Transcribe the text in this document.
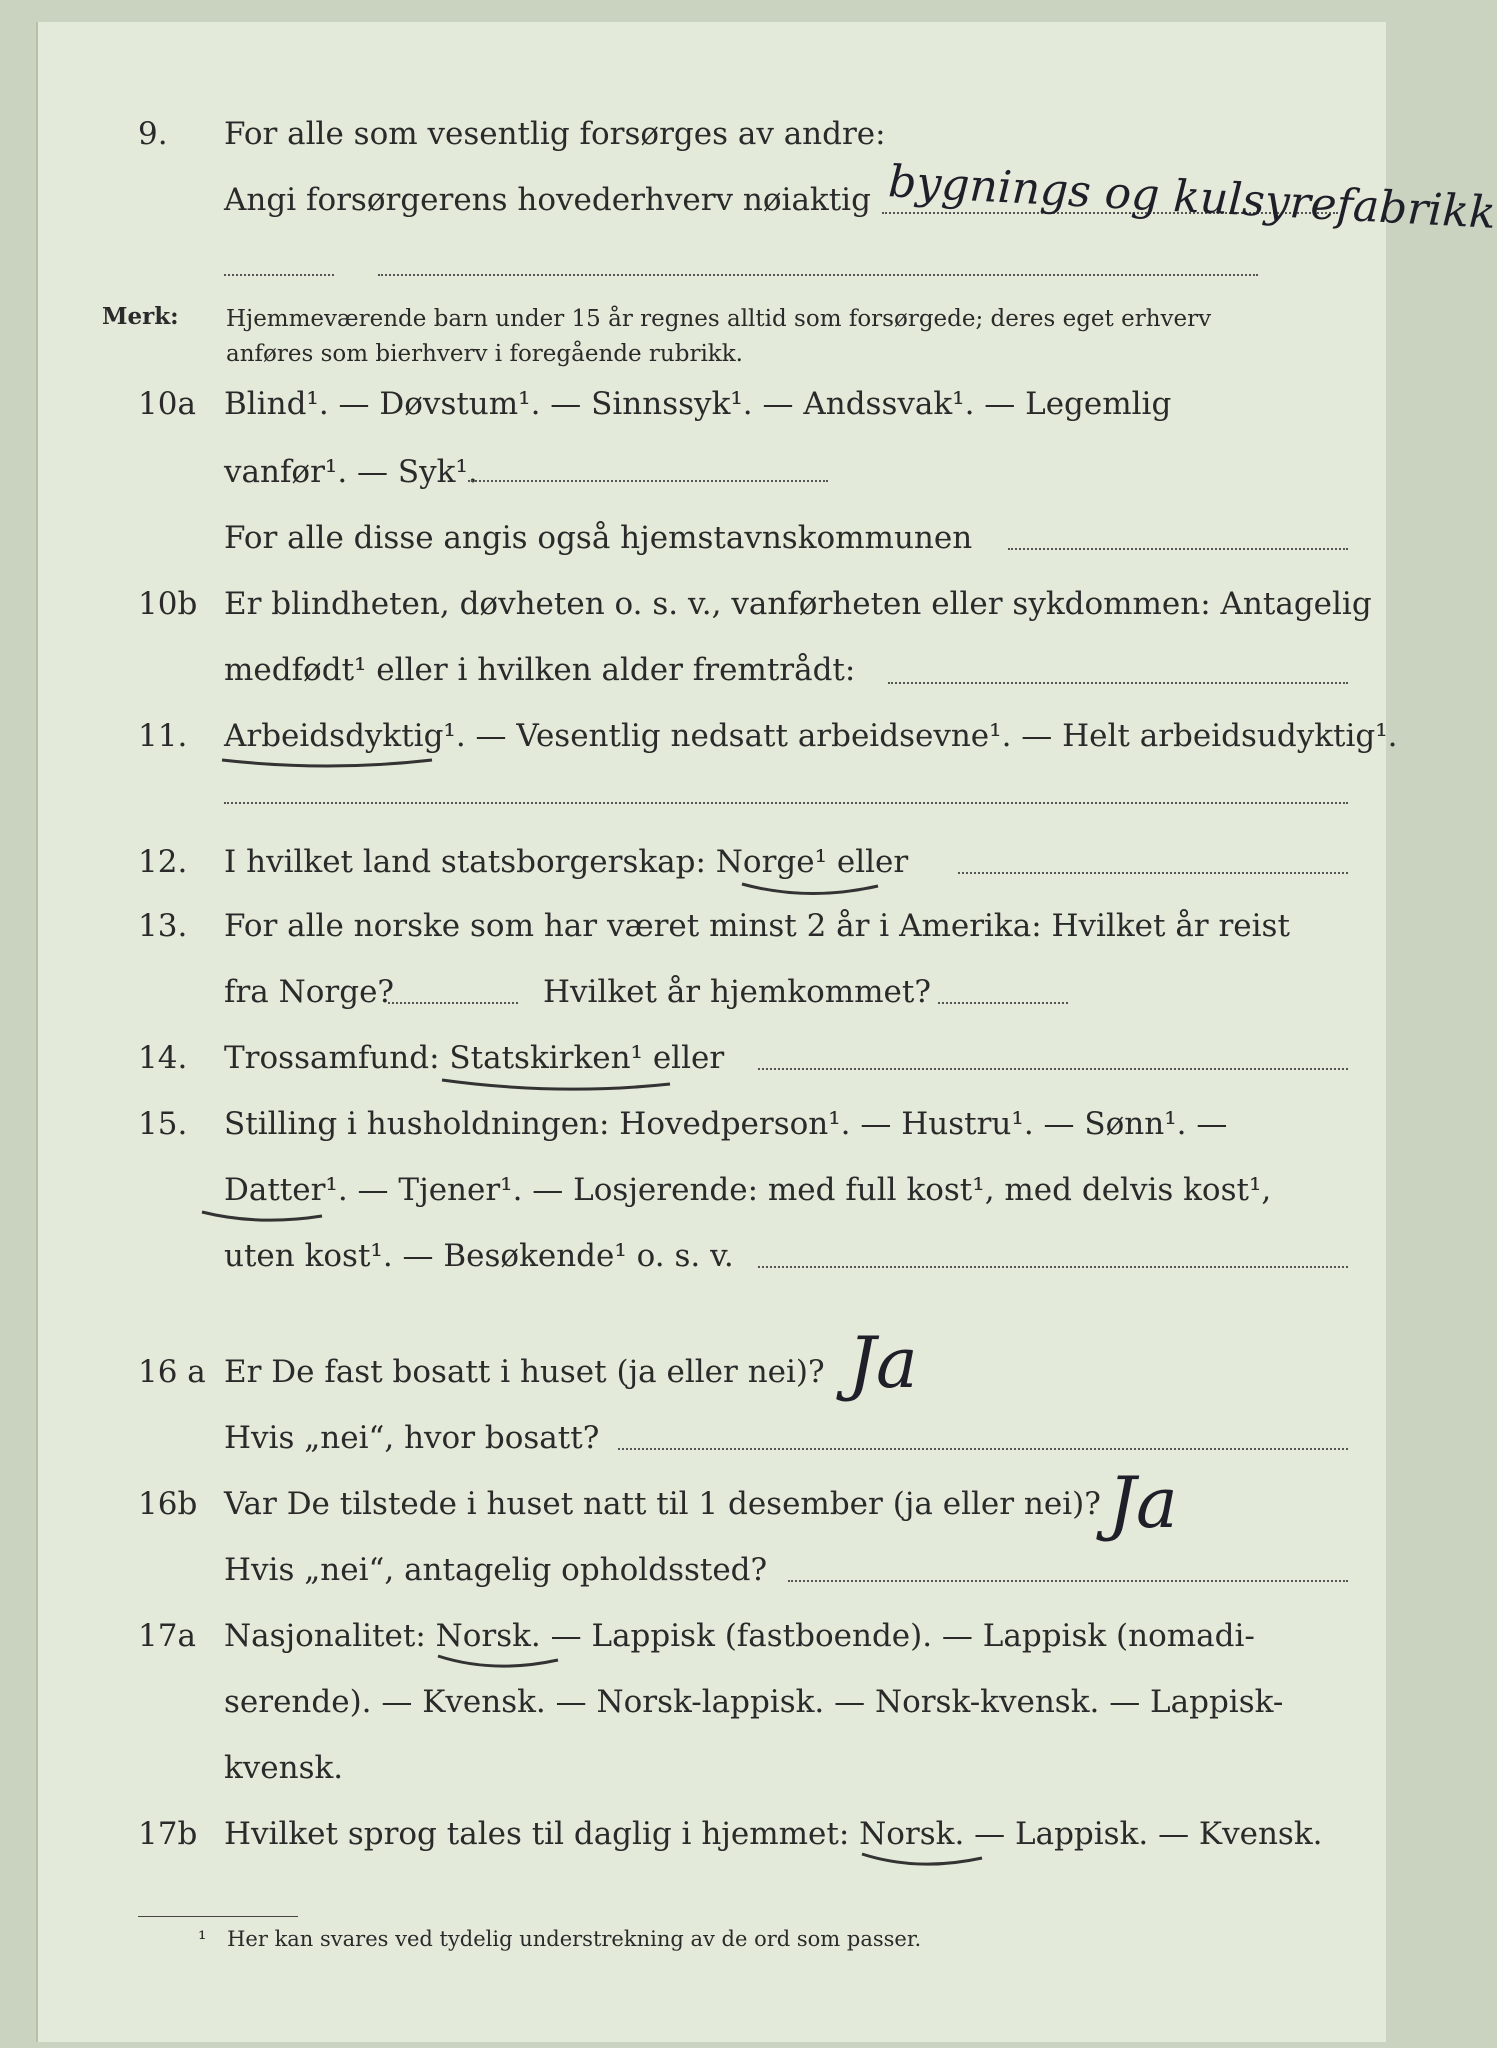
9. For alle som vesentlig forsørges av andre:
Angi forsørgerens hovederhverv nøiaktig bygnings og kulsyrefabrikk
Merk: Hjemmeværende barn under 15 år regnes alltid som forsørgede; deres eget erhverv
anføres som bierhverv i foregående rubrikk.
10a Blind¹. — Døvstum¹. — Sinnssyk¹. — Andssvak¹. — Legemlig
vanfør¹. — Syk¹.
For alle disse angis også hjemstavnskommunen
10b Er blindheten, døvheten o. s. v., vanførheten eller sykdommen: Antagelig
medfødt¹ eller i hvilken alder fremtrådt:
11. Arbeidsdyktig¹. — Vesentlig nedsatt arbeidsevne¹. — Helt arbeidsudyktig¹.
12. I hvilket land statsborgerskap: Norge¹ eller
13. For alle norske som har været minst 2 år i Amerika: Hvilket år reist
fra Norge?	Hvilket år hjemkommet?
14. Trossamfund: Statskirken¹ eller
15. Stilling i husholdningen: Hovedperson¹. — Hustru¹. — Sønn¹. —
Datter¹. — Tjener¹. — Losjerende: med full kost¹, med delvis kost¹,
uten kost¹. — Besøkende¹ o. s. v.
16 a Er De fast bosatt i huset (ja eller nei)? Ja
Hvis „nei“, hvor bosatt?
16b Var De tilstede i huset natt til 1 desember (ja eller nei)? Ja
Hvis „nei“, antagelig opholdssted?
17a Nasjonalitet: Norsk. — Lappisk (fastboende). — Lappisk (nomadi-
serende). — Kvensk. — Norsk-lappisk. — Norsk-kvensk. — Lappisk-
kvensk.
17b Hvilket sprog tales til daglig i hjemmet: Norsk. — Lappisk. — Kvensk.
¹ Her kan svares ved tydelig understrekning av de ord som passer.
